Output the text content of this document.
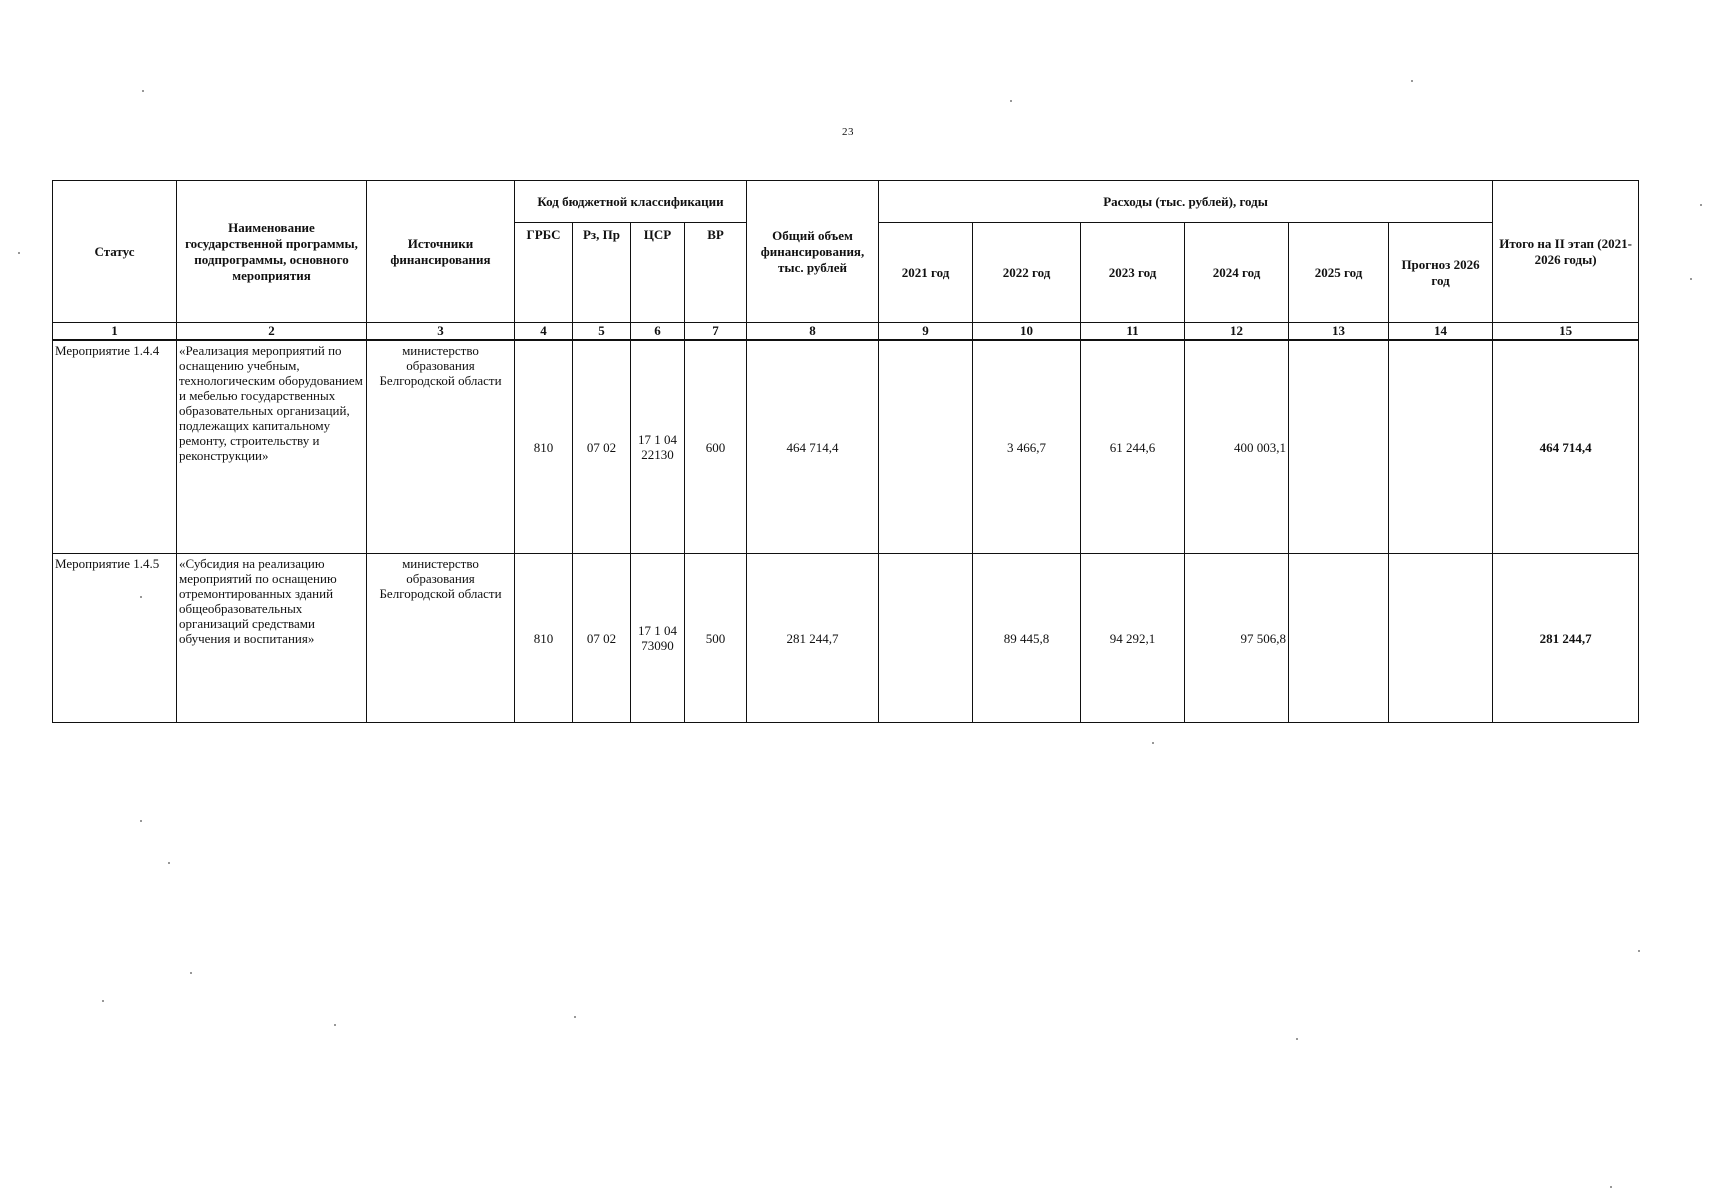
23
Статус	Наименование государственной программы, подпрограммы, основного мероприятия	Источники финансирования	Код бюджетной классификации				Общий объем финансирования, тыс. рублей	Расходы (тыс. рублей), годы						Итого на II этап (2021-2026 годы)
			ГРБС	Рз, Пр	ЦСР	ВР		2021 год	2022 год	2023 год	2024 год	2025 год	Прогноз 2026 год	
1	2	3	4	5	6	7	8	9	10	11	12	13	14	15
Мероприятие 1.4.4	«Реализация мероприятий по оснащению учебным, технологическим оборудованием и мебелью государственных образовательных организаций, подлежащих капитальному ремонту, строительству и реконструкции»	министерство образования Белгородской области	810	07 02	17 1 04 22130	600	464 714,4		3 466,7	61 244,6	400 003,1			464 714,4
Мероприятие 1.4.5	«Субсидия на реализацию мероприятий по оснащению отремонтированных зданий общеобразовательных организаций средствами обучения и воспитания»	министерство образования Белгородской области	810	07 02	17 1 04 73090	500	281 244,7		89 445,8	94 292,1	97 506,8			281 244,7
